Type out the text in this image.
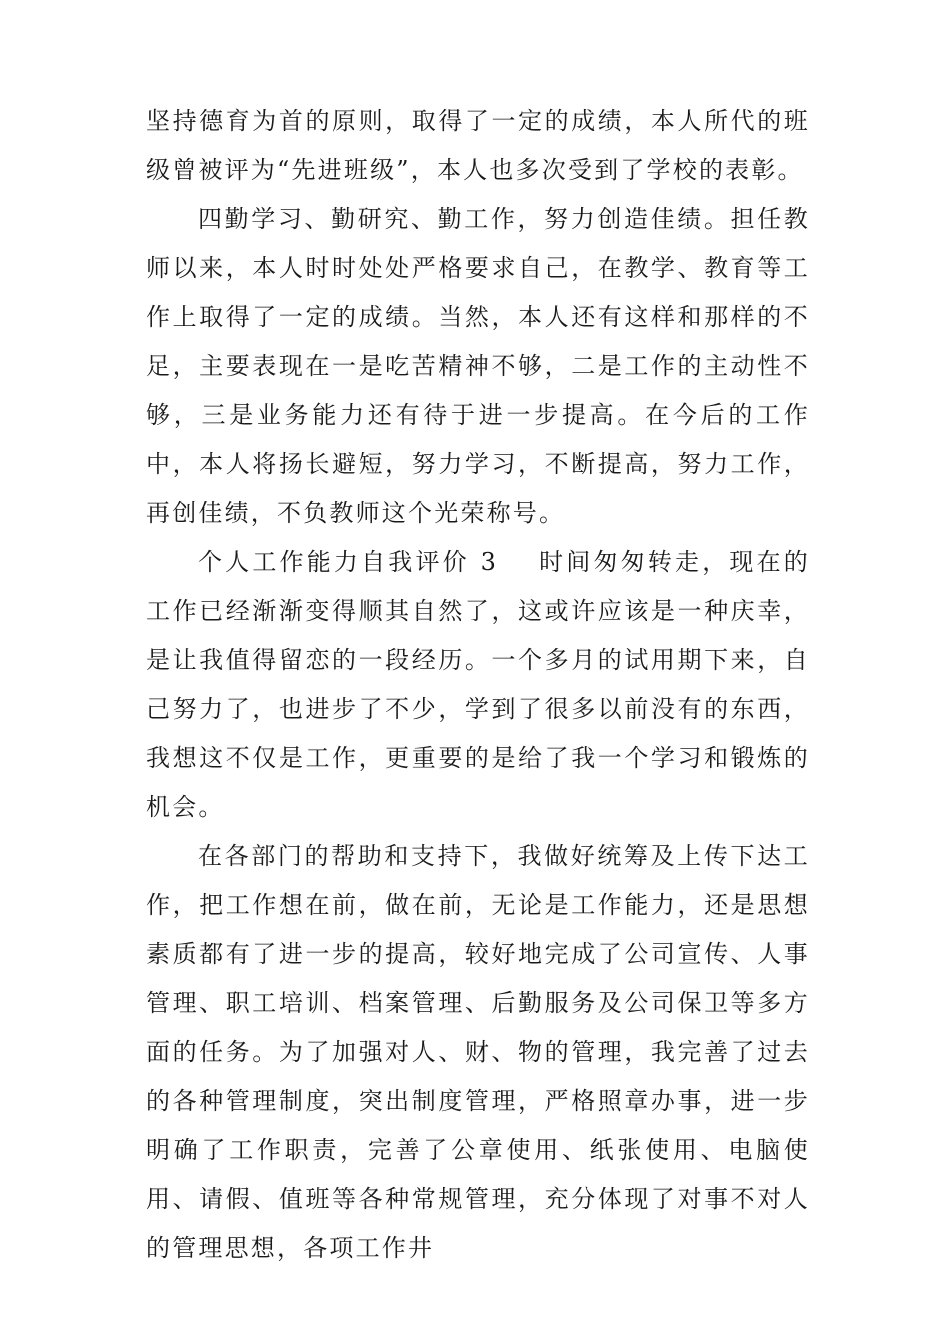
坚持德育为首的原则，取得了一定的成绩，本人所代的班级曾被评为“先进班级”，本人也多次受到了学校的表彰。

四勤学习、勤研究、勤工作，努力创造佳绩。担任教师以来，本人时时处处严格要求自己，在教学、教育等工作上取得了一定的成绩。当然，本人还有这样和那样的不足，主要表现在一是吃苦精神不够，二是工作的主动性不够，三是业务能力还有待于进一步提高。在今后的工作中，本人将扬长避短，努力学习，不断提高，努力工作，再创佳绩，不负教师这个光荣称号。

个人工作能力自我评价 3 时间匆匆转走，现在的工作已经渐渐变得顺其自然了，这或许应该是一种庆幸，是让我值得留恋的一段经历。一个多月的试用期下来，自己努力了，也进步了不少，学到了很多以前没有的东西，我想这不仅是工作，更重要的是给了我一个学习和锻炼的机会。

在各部门的帮助和支持下，我做好统筹及上传下达工作，把工作想在前，做在前，无论是工作能力，还是思想素质都有了进一步的提高，较好地完成了公司宣传、人事管理、职工培训、档案管理、后勤服务及公司保卫等多方面的任务。为了加强对人、财、物的管理，我完善了过去的各种管理制度，突出制度管理，严格照章办事，进一步明确了工作职责，完善了公章使用、纸张使用、电脑使用、请假、值班等各种常规管理，充分体现了对事不对人的管理思想，各项工作井
